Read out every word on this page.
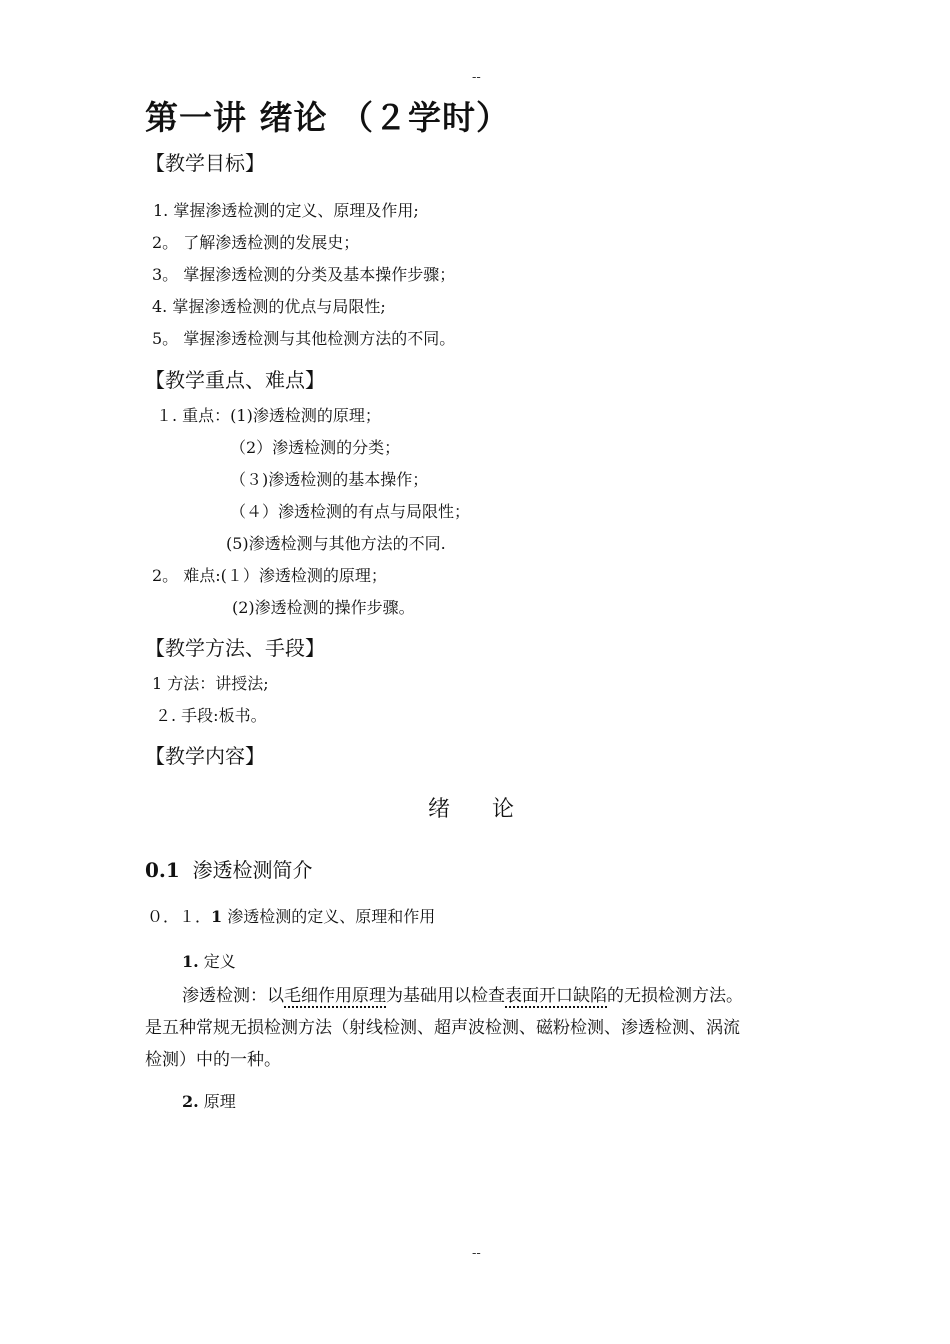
--
第一讲 绪论 （２学时）
【教学目标】
1. 掌握渗透检测的定义、原理及作用;
2。 了解渗透检测的发展史；
3。 掌握渗透检测的分类及基本操作步骤；
4. 掌握渗透检测的优点与局限性;
5。 掌握渗透检测与其他检测方法的不同。
【教学重点、难点】
１. 重点：(1)渗透检测的原理；
（2）渗透检测的分类；
（３)渗透检测的基本操作；
（４）渗透检测的有点与局限性；
(5)渗透检测与其他方法的不同.
2。 难点:(１）渗透检测的原理；
(2)渗透检测的操作步骤。
【教学方法、手段】
1 方法：讲授法;
２. 手段:板书。
【教学内容】
绪      论
0.1 渗透检测简介
０．１．1 渗透检测的定义、原理和作用
1. 定义
渗透检测：以毛细作用原理为基础用以检查表面开口缺陷的无损检测方法。
是五种常规无损检测方法（射线检测、超声波检测、磁粉检测、渗透检测、涡流
检测）中的一种。
2. 原理
--
